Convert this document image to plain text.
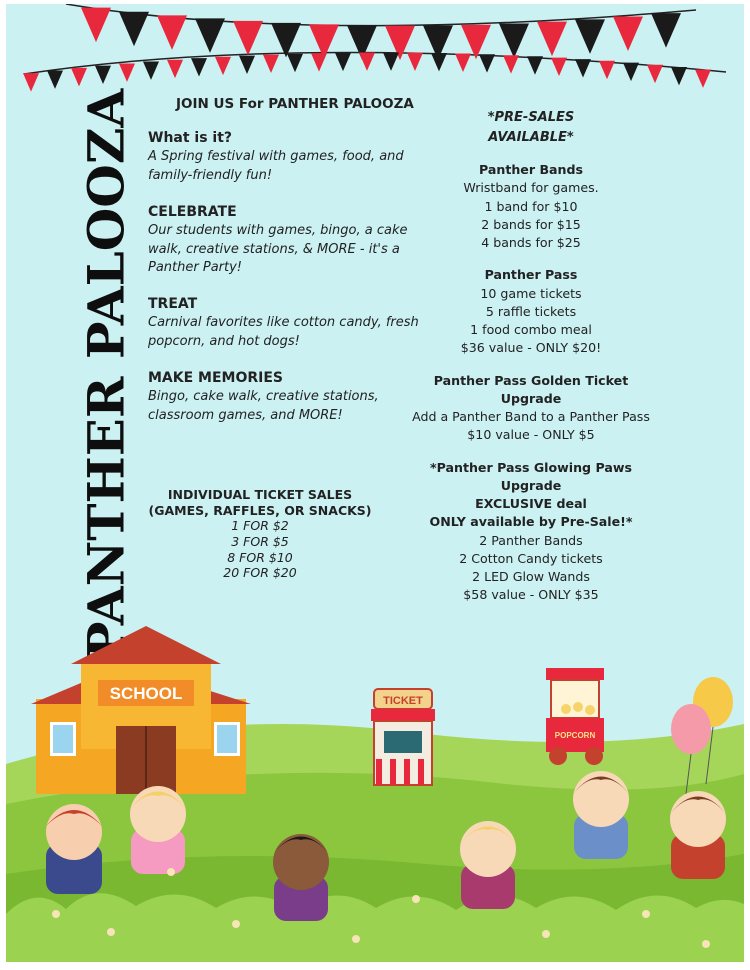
PANTHER PALOOZA	JOIN US For PANTHER PALOOZA
What is it?

A Spring festival with games, food, and family-friendly fun!

CELEBRATE

Our students with games, bingo, a cake walk, creative stations, & MORE - it's a Panther Party!

TREAT

Carnival favorites like cotton candy, fresh popcorn, and hot dogs!

MAKE MEMORIES

Bingo, cake walk, creative stations, classroom games, and MORE!

INDIVIDUAL TICKET SALES
(GAMES, RAFFLES, OR SNACKS)
1 FOR $2
3 FOR $5
8 FOR $10
20 FOR $20
*PRE-SALES
AVAILABLE*
Panther Bands
Wristband for games.
1 band for $10
2 bands for $15
4 bands for $25
Panther Pass
10 game tickets
5 raffle tickets
1 food combo meal
$36 value - ONLY $20!
Panther Pass Golden Ticket Upgrade
Add a Panther Band to a Panther Pass
$10 value - ONLY $5
*Panther Pass Glowing Paws Upgrade
EXCLUSIVE deal
ONLY available by Pre-Sale!*
2 Panther Bands
2 Cotton Candy tickets
2 LED Glow Wands
$58 value - ONLY $35
SCHOOL	TICKET
POPCORN
